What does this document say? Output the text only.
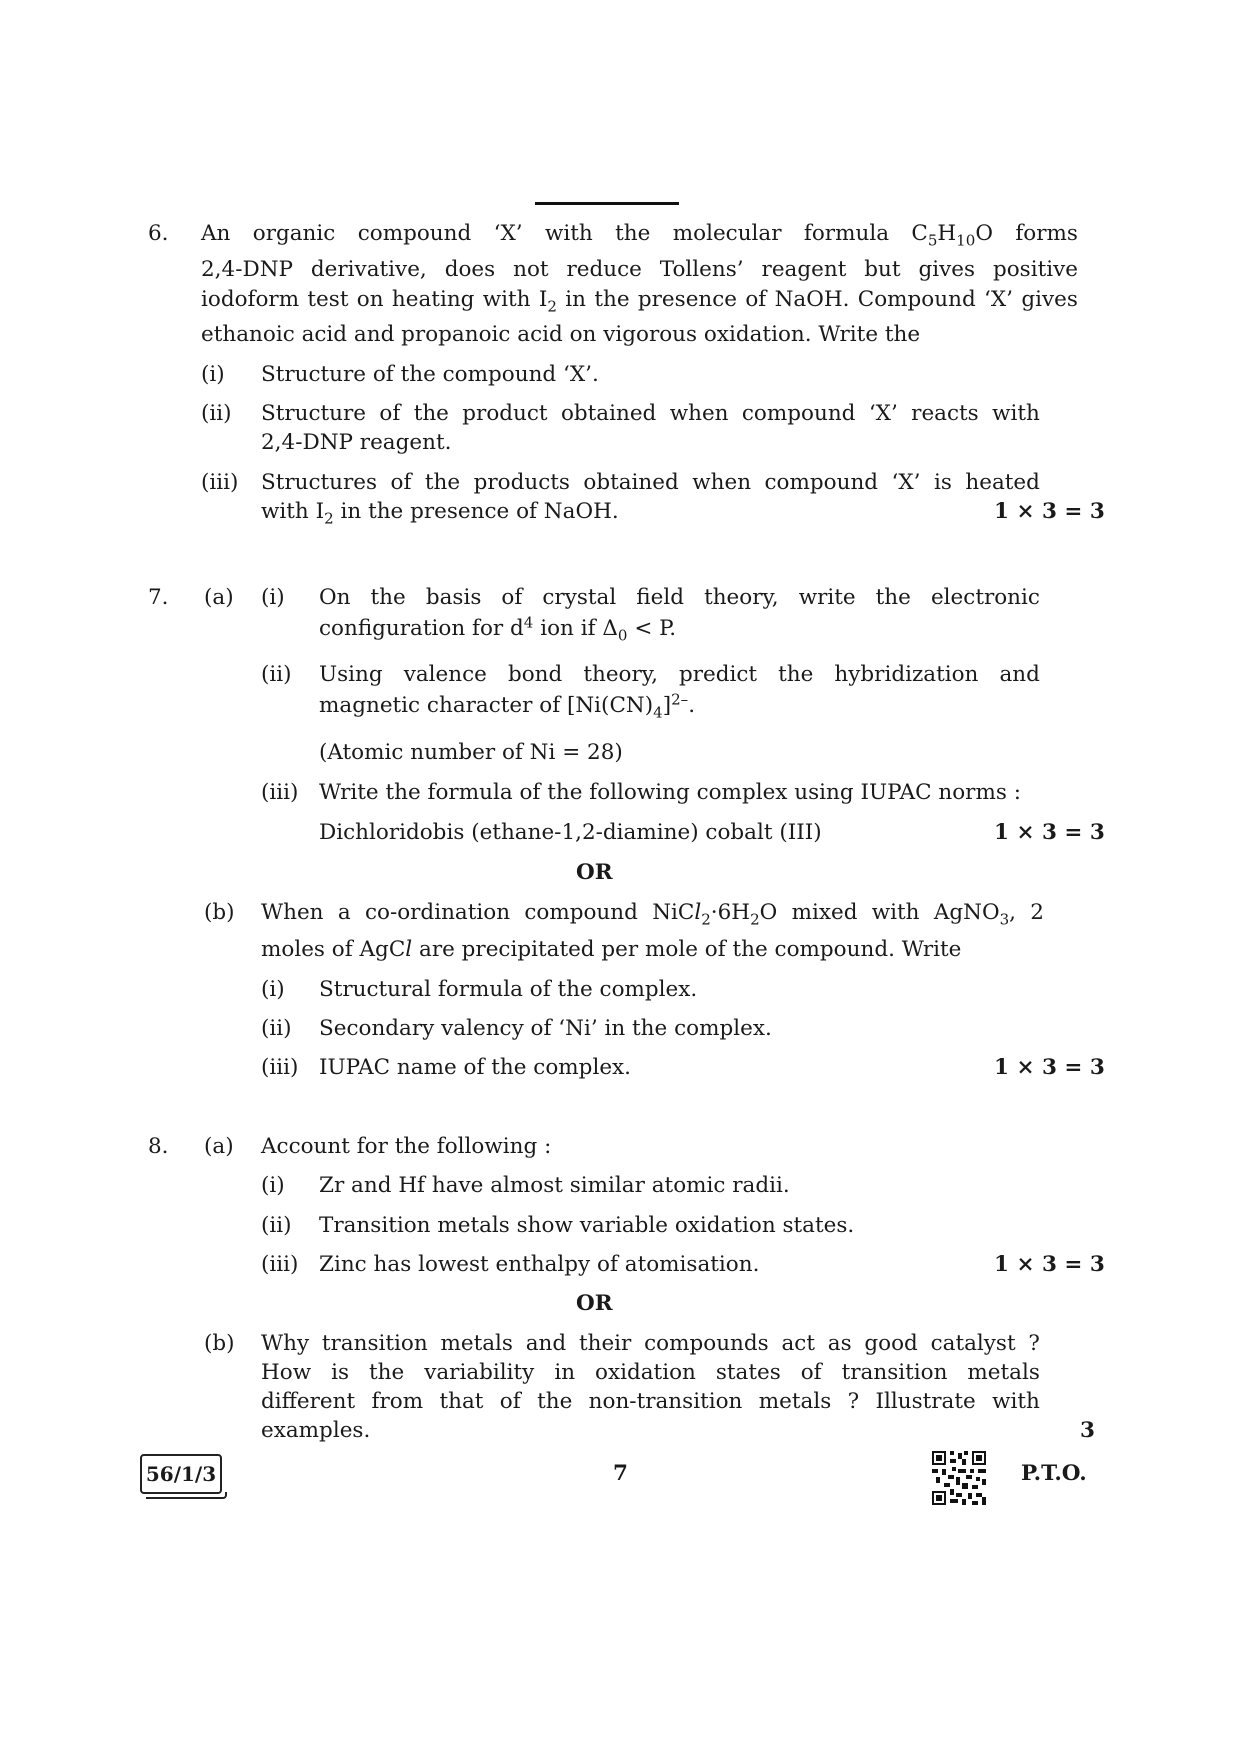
6. An organic compound ‘X’ with the molecular formula $C_5H_{10}O$ forms
2,4-DNP derivative, does not reduce Tollens’ reagent but gives positive
iodoform test on heating with $I_2$ in the presence of NaOH. Compound ‘X’ gives
ethanoic acid and propanoic acid on vigorous oxidation. Write the
(i) Structure of the compound ‘X’.
(ii) Structure of the product obtained when compound ‘X’ reacts with
2,4-DNP reagent.
(iii) Structures of the products obtained when compound ‘X’ is heated
with $I_2$ in the presence of NaOH.	1 × 3 = 3
7. (a) (i) On the basis of crystal field theory, write the electronic
configuration for $d^4$ ion if $\Delta_0 < P$.
(ii) Using valence bond theory, predict the hybridization and
magnetic character of $[Ni(CN)_4]^{2-}$.
(Atomic number of Ni = 28)
(iii) Write the formula of the following complex using IUPAC norms :
Dichloridobis (ethane-1,2-diamine) cobalt (III)	1 × 3 = 3
OR
(b) When a co-ordination compound $NiCl_2\cdot 6H_2O$ mixed with AgNO$_3$, 2
moles of AgCl are precipitated per mole of the compound. Write
(i) Structural formula of the complex.
(ii) Secondary valency of ‘Ni’ in the complex.
(iii) IUPAC name of the complex.	1 × 3 = 3
8. (a) Account for the following :
(i) Zr and Hf have almost similar atomic radii.
(ii) Transition metals show variable oxidation states.
(iii) Zinc has lowest enthalpy of atomisation.	1 × 3 = 3
OR
(b) Why transition metals and their compounds act as good catalyst ?
How is the variability in oxidation states of transition metals
different from that of the non-transition metals ? Illustrate with
examples.	3
56/1/3	7	P.T.O.
